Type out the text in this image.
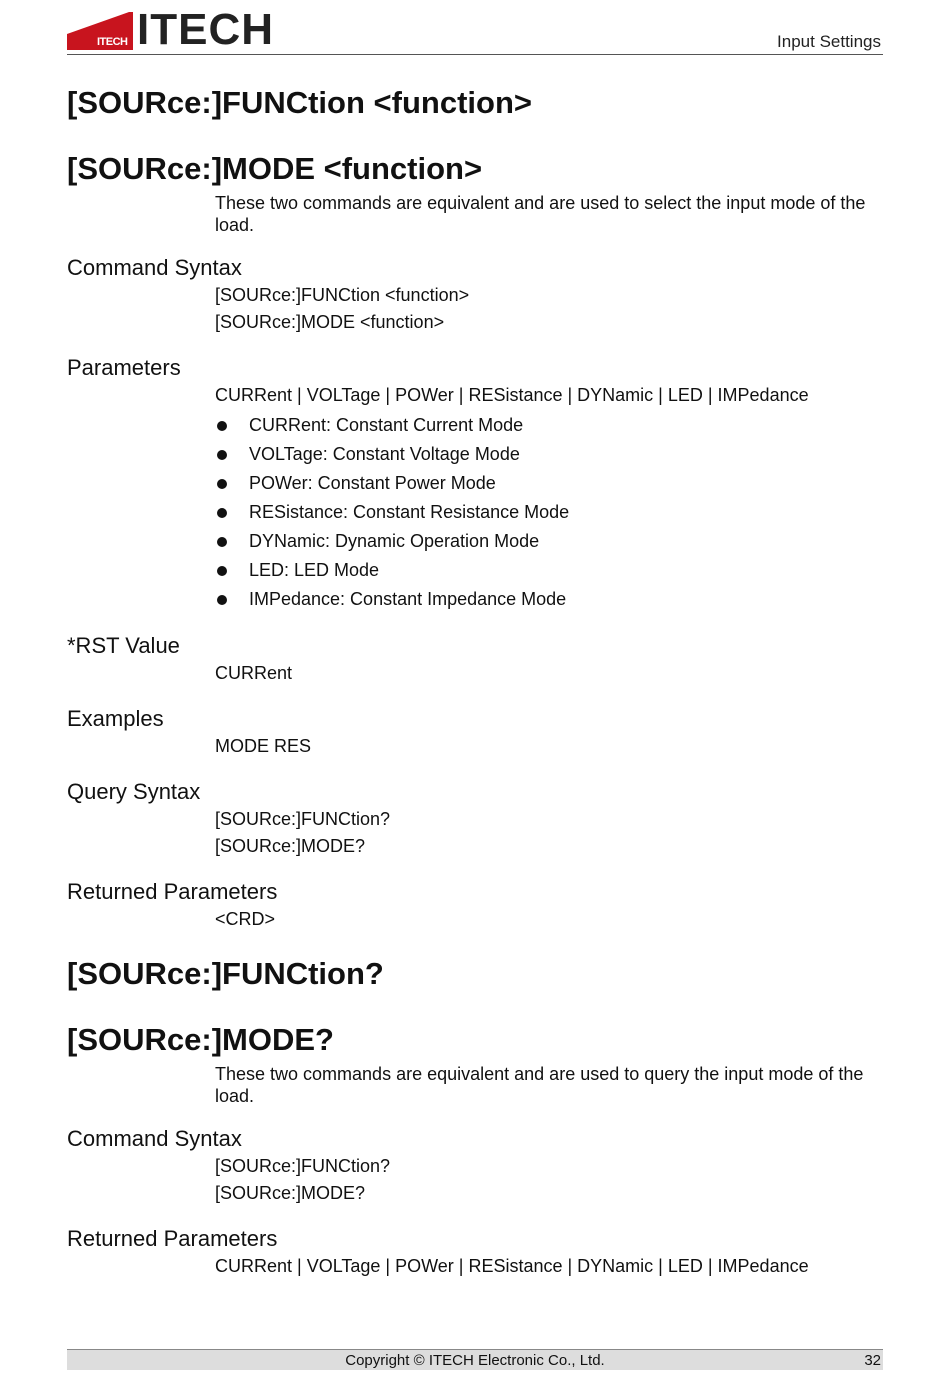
ITECH ITECH	Input Settings
[SOURce:]FUNCtion <function>
[SOURce:]MODE <function>
These two commands are equivalent and are used to select the input mode of the load.
Command Syntax
[SOURce:]FUNCtion <function>
[SOURce:]MODE <function>
Parameters
CURRent | VOLTage | POWer | RESistance | DYNamic | LED | IMPedance
CURRent: Constant Current Mode
VOLTage: Constant Voltage Mode
POWer: Constant Power Mode
RESistance: Constant Resistance Mode
DYNamic: Dynamic Operation Mode
LED: LED Mode
IMPedance: Constant Impedance Mode
*RST Value
CURRent
Examples
MODE RES
Query Syntax
[SOURce:]FUNCtion?
[SOURce:]MODE?
Returned Parameters
<CRD>
[SOURce:]FUNCtion?
[SOURce:]MODE?
These two commands are equivalent and are used to query the input mode of the load.
Command Syntax
[SOURce:]FUNCtion?
[SOURce:]MODE?
Returned Parameters
CURRent | VOLTage | POWer | RESistance | DYNamic | LED | IMPedance
Copyright © ITECH Electronic Co., Ltd.	32
